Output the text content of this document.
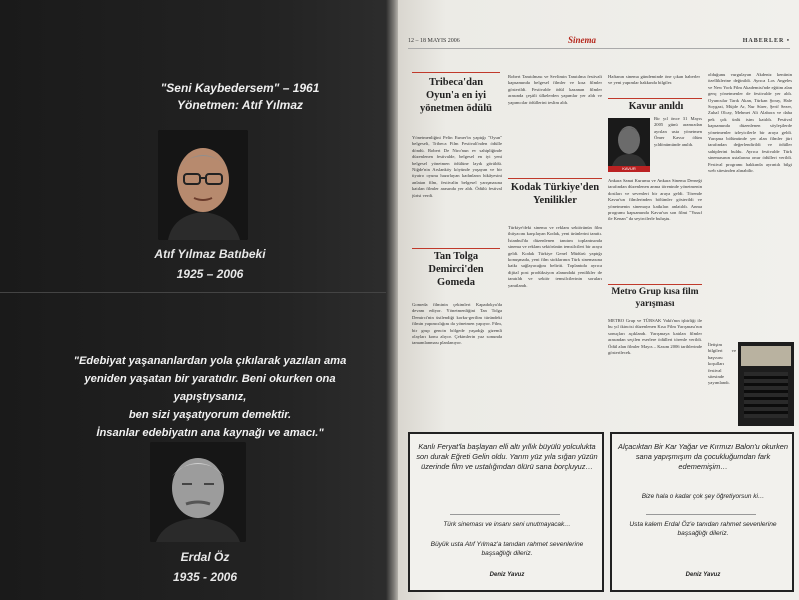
"Seni Kaybedersem" – 1961
Yönetmen: Atıf Yılmaz
Atıf Yılmaz Batıbeki
1925 – 2006
"Edebiyat yaşananlardan yola çıkılarak yazılan ama
yeniden yaşatan bir yaratıdır. Beni okurken ona yapıştıysanız,
ben sizi yaşatıyorum demektir.
İnsanlar edebiyatın ana kaynağı ve amacı."
Erdal Öz
1935 - 2006
12 – 18 MAYIS 2006	Sinema	HABERLER •
Tribeca'dan Oyun'a en iyi yönetmen ödülü
Yönetmenliğini Pelin Esmer'in yaptığı "Oyun" belgeseli, Tribeca Film Festivali'nden ödülle döndü. Robert De Niro'nun ev sahipliğinde düzenlenen festivalde, belgesel en iyi yeni belgesel yönetmen ödülüne layık görüldü. Niğde'nin Arslanköy köyünde yaşayan ve bir tiyatro oyunu hazırlayan kadınların hikâyesini anlatan film, festivalin belgesel yarışmasına katılan filmler arasında yer aldı. Ödülü festival jürisi verdi.
Tan Tolga Demirci'den Gomeda
Gomeda filminin çekimleri Kapadokya'da devam ediyor. Yönetmenliğini Tan Tolga Demirci'nin üstlendiği korku-gerilim türündeki filmin yapımcılığını da yönetmen yapıyor. Film, bir grup gencin bölgede yaşadığı gizemli olayları konu alıyor. Çekimlerin yaz sonunda tamamlanması planlanıyor.
Robert Tanıtılması ve Sevlimin Tanıtılma festivali kapsamında belgesel filmler ve kısa filmler gösterildi. Festivalde ödül kazanan filmler arasında çeşitli ülkelerden yapımlar yer aldı ve yapımcılar ödüllerini teslim aldı.
Kodak Türkiye'den Yenilikler
Türkiye'deki sinema ve reklam sektörünün film ihtiyacını karşılayan Kodak, yeni ürünlerini tanıttı. İstanbul'da düzenlenen tanıtım toplantısında sinema ve reklam sektörünün temsilcileri bir araya geldi. Kodak Türkiye Genel Müdürü yaptığı konuşmada, yeni film stoklarının Türk sinemasına katkı sağlayacağını belirtti. Toplantıda ayrıca dijital post prodüksiyon alanındaki yenilikler de tanıtıldı ve sektör temsilcilerinin soruları yanıtlandı.
Haftanın sinema gündeminde öne çıkan haberler ve yeni yapımlar hakkında bilgiler.
Kavur anıldı
KAVUR
Bir yıl önce 31 Mayıs 2005 günü aramızdan ayrılan usta yönetmen Ömer Kavur ölüm yıldönümünde anıldı.
Ankara Sanat Kurumu ve Ankara Sinema Derneği tarafından düzenlenen anma töreninde yönetmenin dostları ve sevenleri bir araya geldi. Törende Kavur'un filmlerinden bölümler gösterildi ve yönetmenin sinemaya katkıları anlatıldı. Anma programı kapsamında Kavur'un son filmi "Yusuf ile Kenan" da seyircilerle buluştu.
Metro Grup kısa film yarışması
METRO Grup ve TÜRSAK Vakfı'nın işbirliği ile bu yıl ikincisi düzenlenen Kısa Film Yarışması'nın sonuçları açıklandı. Yarışmaya katılan filmler arasından seçilen eserlere ödülleri törenle verildi. Ödül alan filmler Mayıs – Kasım 2006 tarihlerinde gösterilecek.
olduğunu vurgulayan Akdeniz kentinin özelliklerine değinildi. Ayrıca Los Angeles ve New York Film Akademisi'nde eğitim alan genç yönetmenler de festivalde yer aldı. Oyuncular Tarık Akan, Türkan Şoray, Hale Soygazi, Müjde Ar, Nur Sürer, Şerif Sezer, Zuhal Olcay, Mehmet Ali Alabora ve daha pek çok ünlü isim katıldı. Festival kapsamında düzenlenen söyleşilerde yönetmenler izleyicilerle bir araya geldi. Yarışma bölümünde yer alan filmler jüri tarafından değerlendirildi ve ödüller sahiplerini buldu. Ayrıca festivalde Türk sinemasının ustalarına onur ödülleri verildi. Festival programı hakkında ayrıntılı bilgi web sitesinden alınabilir.
İletişim bilgileri ve başvuru koşulları festival sitesinde yayımlandı.
Kanlı Feryat'la başlayan elli altı yıllık büyülü yolculukta son durak Eğreti Gelin oldu. Yarım yüz yıla sığan yüzün üzerinde film ve ustalığından ölürü sana borçluyuz…
Türk sineması ve insanı seni unutmayacak…
Büyük usta Atıf Yılmaz'a tanıdan rahmet sevenlerine başsağlığı dileriz.
Deniz Yavuz
Alçacıktan Bir Kar Yağar ve Kırmızı Balon'u okurken sana yapışmışım da çocukluğumdan fark edememişim…
Bize hala o kadar çok şey öğretiyorsun ki…
Usta kalem Erdal Öz'e tanıdan rahmet sevenlerine başsağlığı dileriz.
Deniz Yavuz
